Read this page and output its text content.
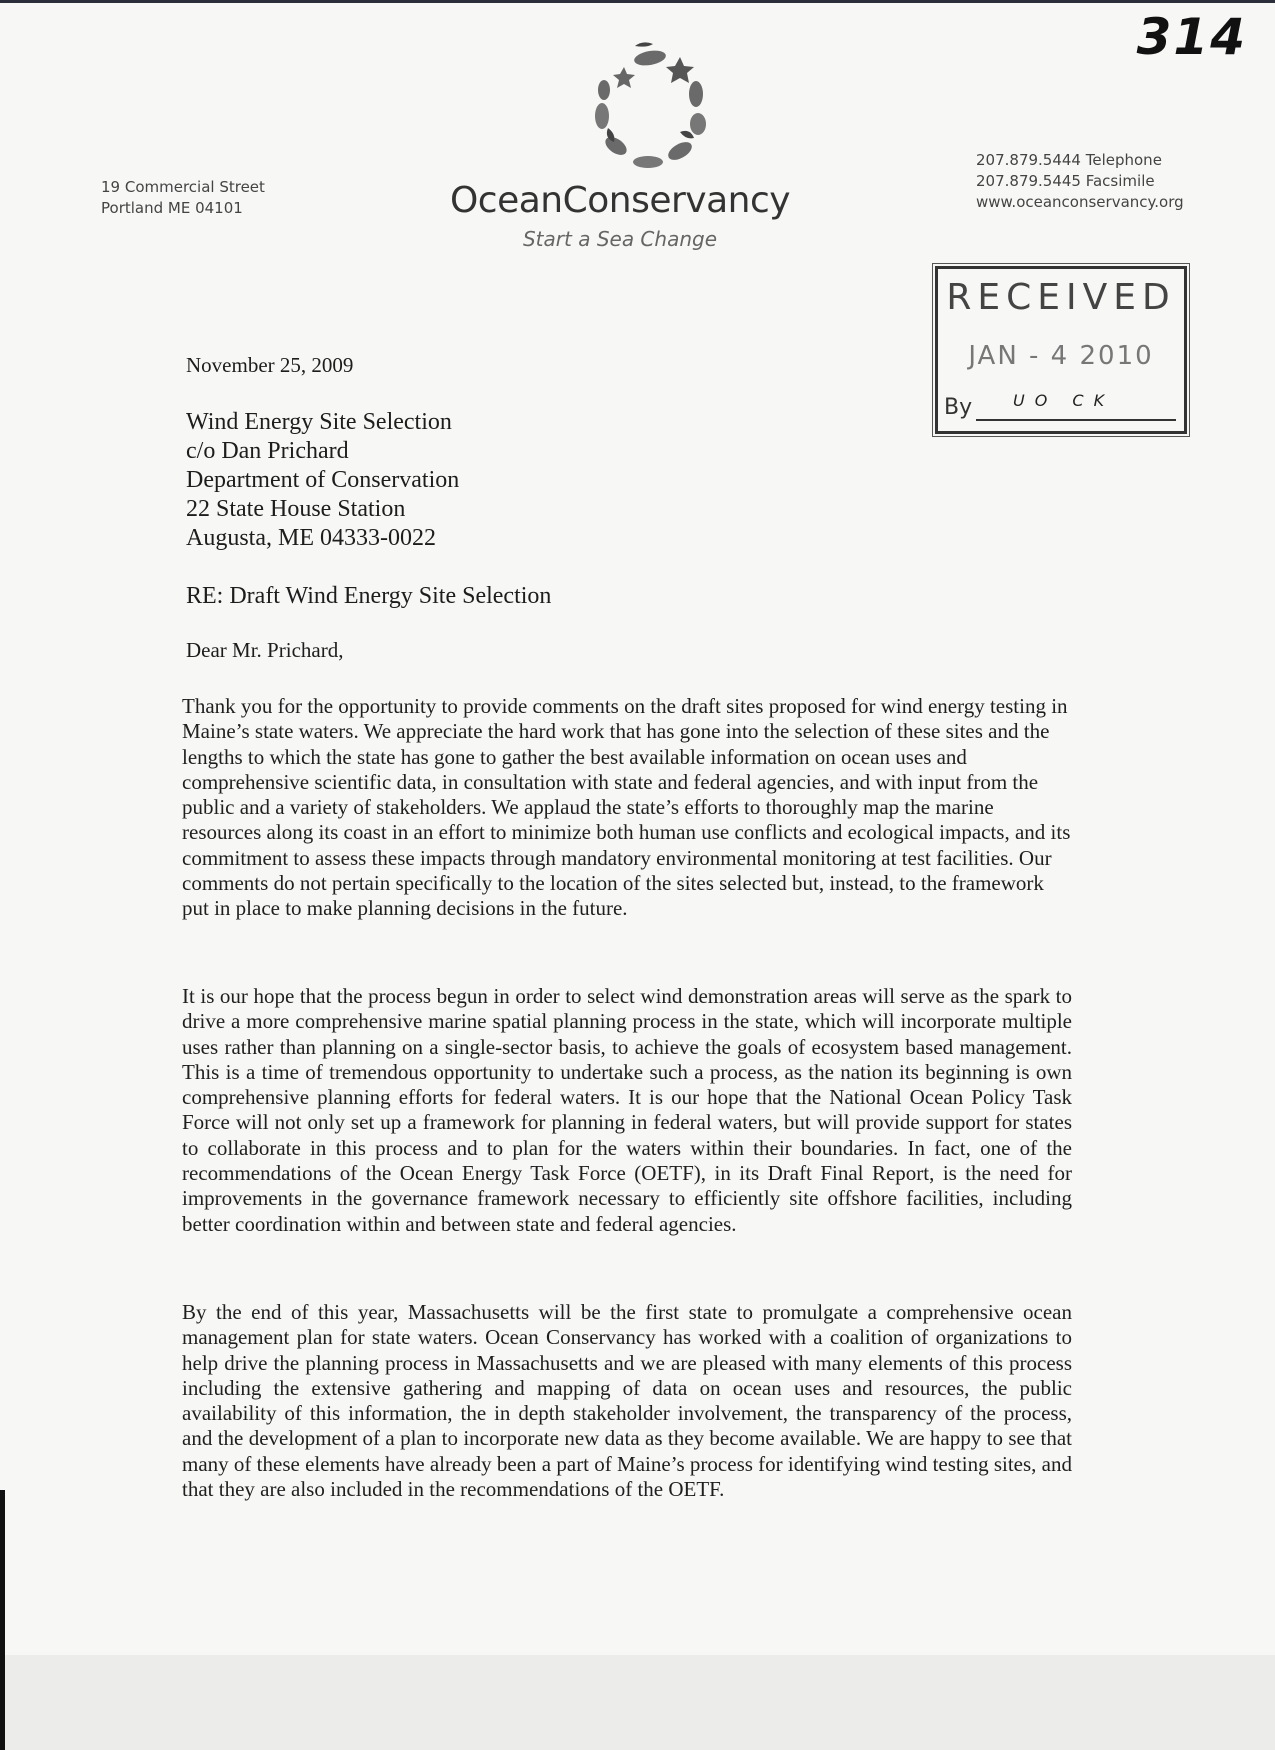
314
19 Commercial Street
Portland ME 04101	OceanConservancy
Start a Sea Change
207.879.5444 Telephone
207.879.5445 Facsimile
www.oceanconservancy.org
RECEIVED
JAN - 4 2010
By	UO CK
November 25, 2009
Wind Energy Site Selection
c/o Dan Prichard
Department of Conservation
22 State House Station
Augusta, ME 04333-0022
RE: Draft Wind Energy Site Selection
Dear Mr. Prichard,
Thank you for the opportunity to provide comments on the draft sites proposed for wind energy testing in Maine’s state waters. We appreciate the hard work that has gone into the selection of these sites and the lengths to which the state has gone to gather the best available information on ocean uses and comprehensive scientific data, in consultation with state and federal agencies, and with input from the public and a variety of stakeholders. We applaud the state’s efforts to thoroughly map the marine resources along its coast in an effort to minimize both human use conflicts and ecological impacts, and its commitment to assess these impacts through mandatory environmental monitoring at test facilities. Our comments do not pertain specifically to the location of the sites selected but, instead, to the framework put in place to make planning decisions in the future.
It is our hope that the process begun in order to select wind demonstration areas will serve as the spark to drive a more comprehensive marine spatial planning process in the state, which will incorporate multiple uses rather than planning on a single-sector basis, to achieve the goals of ecosystem based management. This is a time of tremendous opportunity to undertake such a process, as the nation its beginning is own comprehensive planning efforts for federal waters. It is our hope that the National Ocean Policy Task Force will not only set up a framework for planning in federal waters, but will provide support for states to collaborate in this process and to plan for the waters within their boundaries. In fact, one of the recommendations of the Ocean Energy Task Force (OETF), in its Draft Final Report, is the need for improvements in the governance framework necessary to efficiently site offshore facilities, including better coordination within and between state and federal agencies.
By the end of this year, Massachusetts will be the first state to promulgate a comprehensive ocean management plan for state waters. Ocean Conservancy has worked with a coalition of organizations to help drive the planning process in Massachusetts and we are pleased with many elements of this process including the extensive gathering and mapping of data on ocean uses and resources, the public availability of this information, the in depth stakeholder involvement, the transparency of the process, and the development of a plan to incorporate new data as they become available. We are happy to see that many of these elements have already been a part of Maine’s process for identifying wind testing sites, and that they are also included in the recommendations of the OETF.
